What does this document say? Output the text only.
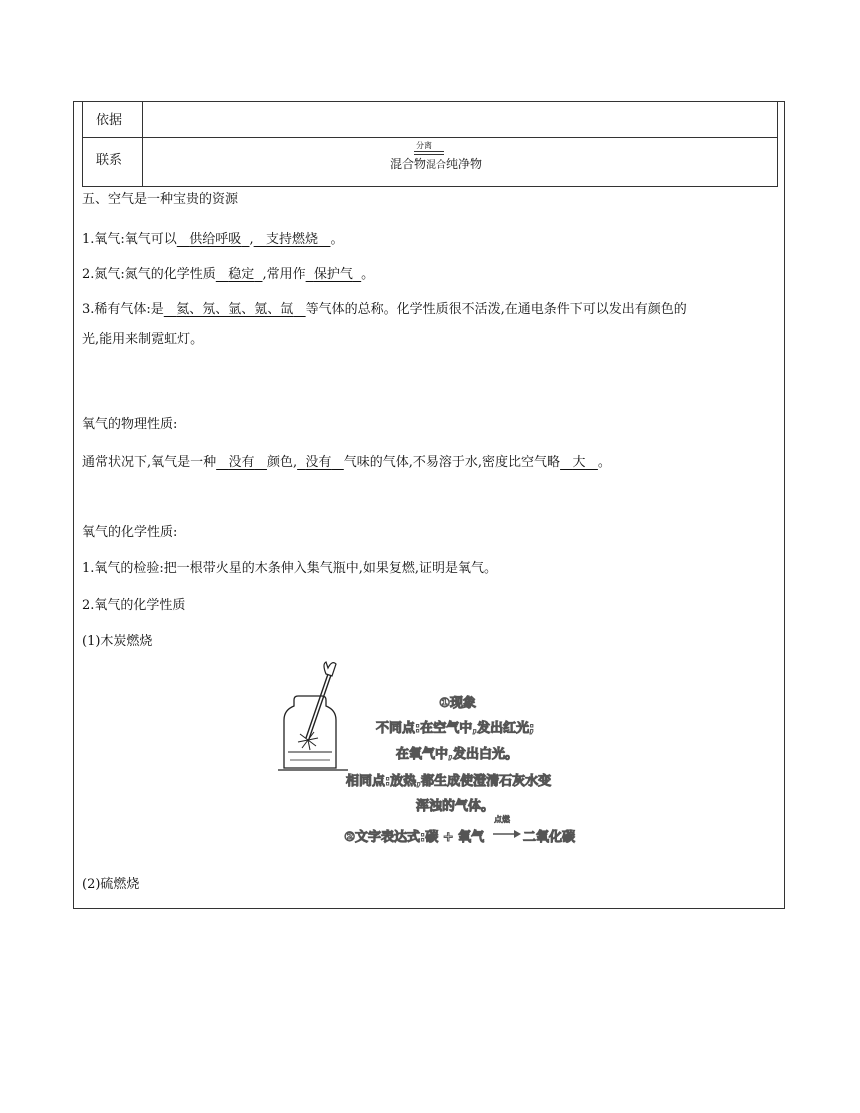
依据	
联系	分离
混合物混合纯净物
五、空气是一种宝贵的资源
1.氧气:氧气可以 供给呼吸 , 支持燃烧 。
2.氮气:氮气的化学性质 稳定 ,常用作 保护气 。
3.稀有气体:是 氦、氖、氩、氪、氙 等气体的总称。化学性质很不活泼,在通电条件下可以发出有颜色的
光,能用来制霓虹灯。
氧气的物理性质:
通常状况下,氧气是一种 没有 颜色, 没有 气味的气体,不易溶于水,密度比空气略 大 。
氧气的化学性质:
1.氧气的检验:把一根带火星的木条伸入集气瓶中,如果复燃,证明是氧气。
2.氧气的化学性质
(1)木炭燃烧
①现象
不同点:在空气中,发出红光;
在氧气中,发出白光。
相同点:放热,都生成使澄清石灰水变
浑浊的气体。
②文字表达式:碳 + 氧气
点燃
二氧化碳
(2)硫燃烧
